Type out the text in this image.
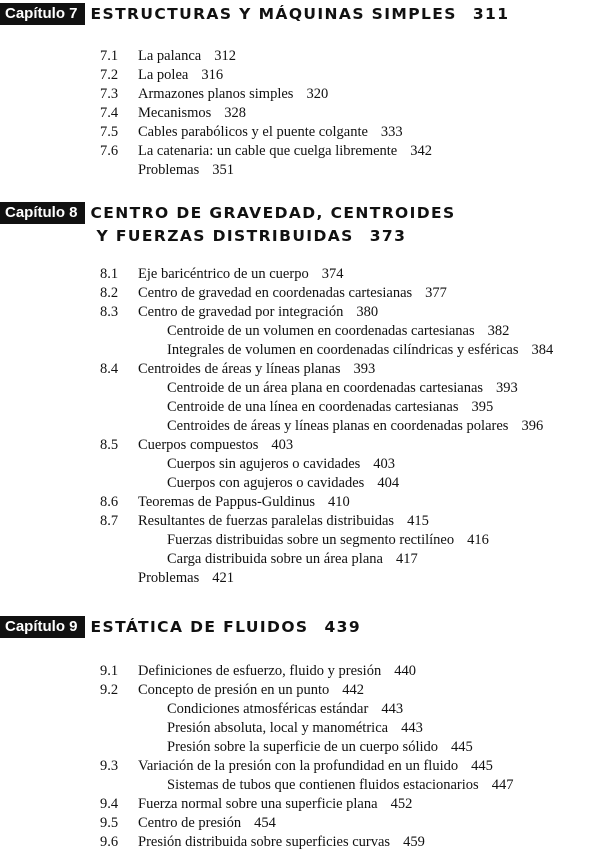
Capítulo 7 ESTRUCTURAS Y MÁQUINAS SIMPLES 311
7.1	La palanca 312
7.2	La polea 316
7.3	Armazones planos simples 320
7.4	Mecanismos 328
7.5	Cables parabólicos y el puente colgante 333
7.6	La catenaria: un cable que cuelga libremente 342
Problemas 351
Capítulo 8 CENTRO DE GRAVEDAD, CENTROIDES
Y FUERZAS DISTRIBUIDAS 373
8.1	Eje baricéntrico de un cuerpo 374
8.2	Centro de gravedad en coordenadas cartesianas 377
8.3	Centro de gravedad por integración 380
Centroide de un volumen en coordenadas cartesianas 382
Integrales de volumen en coordenadas cilíndricas y esféricas 384
8.4	Centroides de áreas y líneas planas 393
Centroide de un área plana en coordenadas cartesianas 393
Centroide de una línea en coordenadas cartesianas 395
Centroides de áreas y líneas planas en coordenadas polares 396
8.5	Cuerpos compuestos 403
Cuerpos sin agujeros o cavidades 403
Cuerpos con agujeros o cavidades 404
8.6	Teoremas de Pappus-Guldinus 410
8.7	Resultantes de fuerzas paralelas distribuidas 415
Fuerzas distribuidas sobre un segmento rectilíneo 416
Carga distribuida sobre un área plana 417
Problemas 421
Capítulo 9 ESTÁTICA DE FLUIDOS 439
9.1	Definiciones de esfuerzo, fluido y presión 440
9.2	Concepto de presión en un punto 442
Condiciones atmosféricas estándar 443
Presión absoluta, local y manométrica 443
Presión sobre la superficie de un cuerpo sólido 445
9.3	Variación de la presión con la profundidad en un fluido 445
Sistemas de tubos que contienen fluidos estacionarios 447
9.4	Fuerza normal sobre una superficie plana 452
9.5	Centro de presión 454
9.6	Presión distribuida sobre superficies curvas 459
